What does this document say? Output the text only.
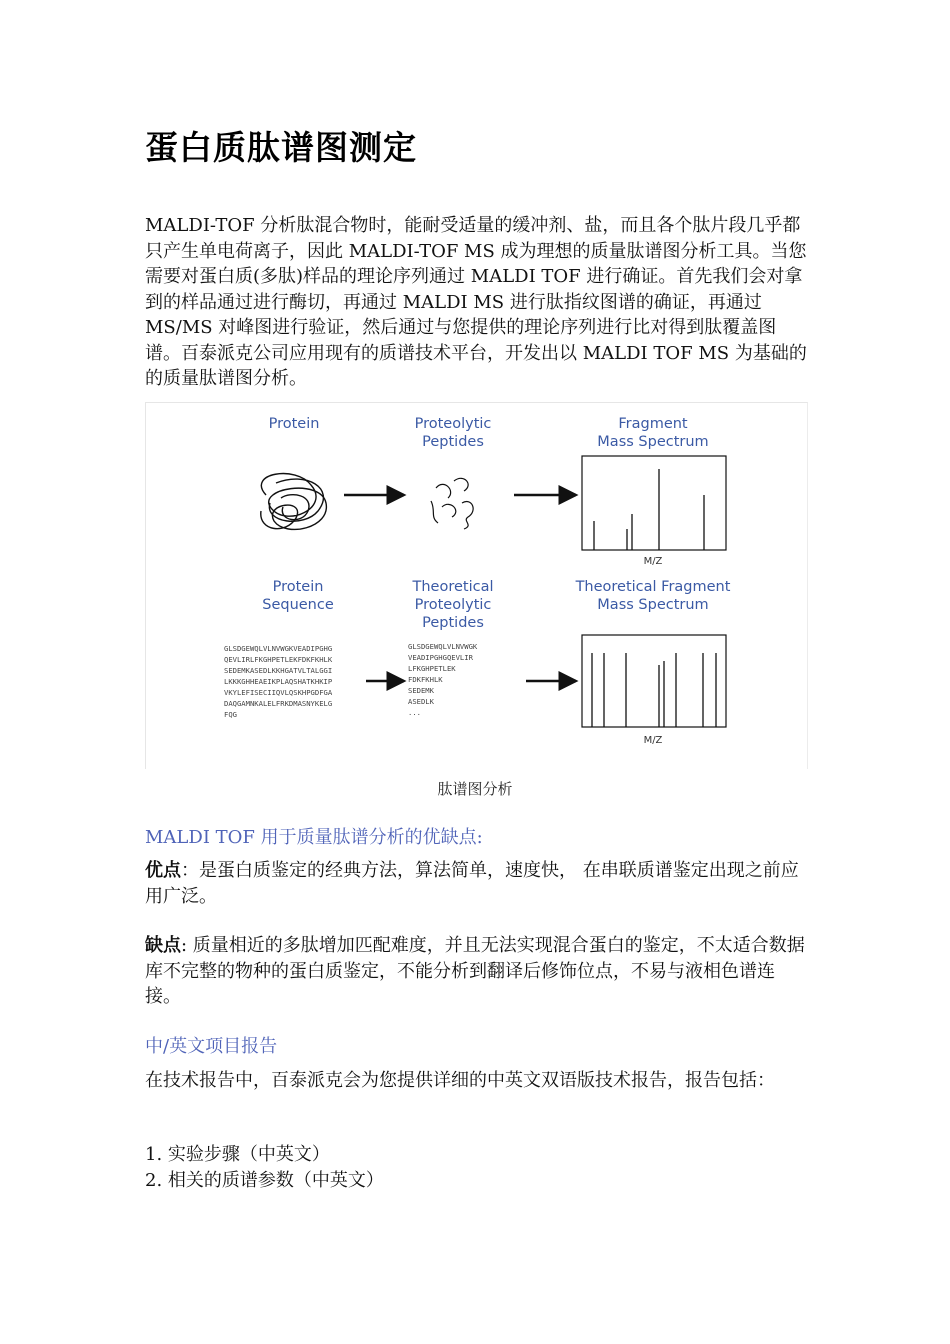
蛋白质肽谱图测定
MALDI-TOF 分析肽混合物时，能耐受适量的缓冲剂、盐，而且各个肽片段几乎都只产生单电荷离子，因此 MALDI-TOF MS 成为理想的质量肽谱图分析工具。当您需要对蛋白质(多肽)样品的理论序列通过 MALDI TOF 进行确证。首先我们会对拿到的样品通过进行酶切，再通过 MALDI MS 进行肽指纹图谱的确证，再通过 MS/MS 对峰图进行验证，然后通过与您提供的理论序列进行比对得到肽覆盖图谱。百泰派克公司应用现有的质谱技术平台，开发出以 MALDI TOF MS 为基础的的质量肽谱图分析。
Protein	Proteolytic
Peptides
Fragment
Mass Spectrum
M/Z
Protein
Sequence
Theoretical
Proteolytic
Peptides
Theoretical Fragment
Mass Spectrum
GLSDGEWQLVLNVWGKVEADIPGHG
QEVLIRLFKGHPETLEKFDKFKHLK
SEDEMKASEDLKKHGATVLTALGGI
LKKKGHHEAEIKPLAQSHATKHKIP
VKYLEFISECIIQVLQSKHPGDFGA
DAQGAMNKALELFRKDMASNYKELG
FQG
GLSDGEWQLVLNVWGK
VEADIPGHGQEVLIR
LFKGHPETLEK
FDKFKHLK
SEDEMK
ASEDLK
...
M/Z
肽谱图分析
MALDI TOF 用于质量肽谱分析的优缺点:
优点：是蛋白质鉴定的经典方法，算法简单，速度快， 在串联质谱鉴定出现之前应用广泛。
缺点: 质量相近的多肽增加匹配难度，并且无法实现混合蛋白的鉴定，不太适合数据库不完整的物种的蛋白质鉴定，不能分析到翻译后修饰位点，不易与液相色谱连接。
中/英文项目报告
在技术报告中，百泰派克会为您提供详细的中英文双语版技术报告，报告包括：
1. 实验步骤（中英文）
2. 相关的质谱参数（中英文）
